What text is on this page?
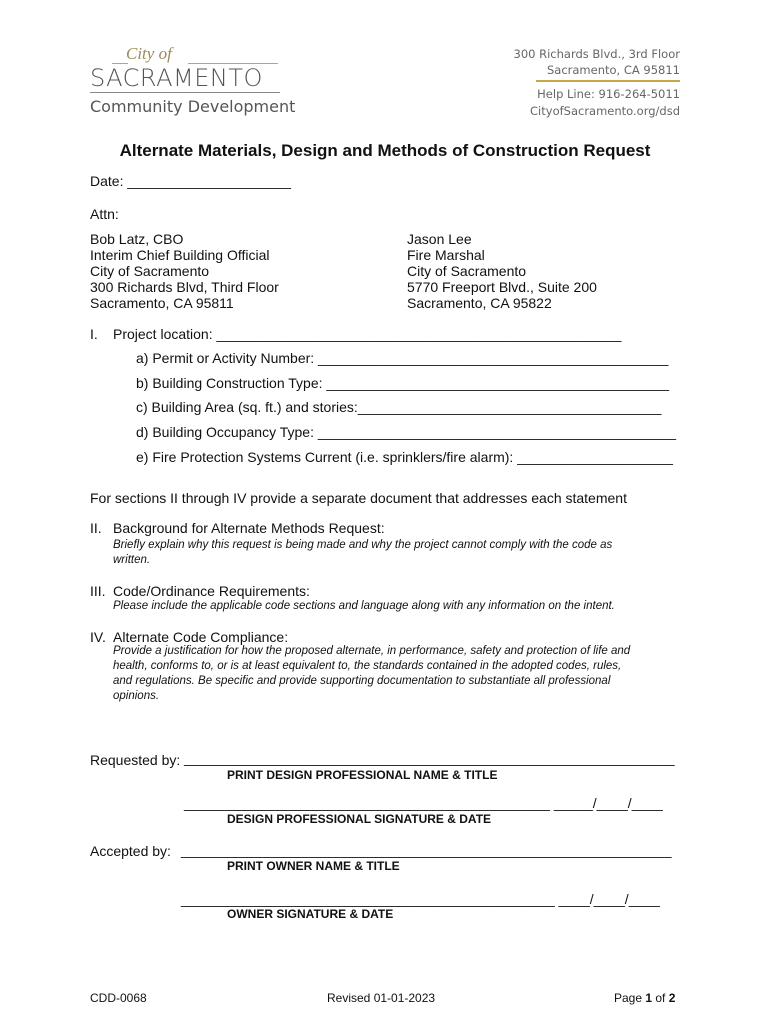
City of
SACRAMENTO
Community Development
300 Richards Blvd., 3rd Floor
Sacramento, CA 95811
Help Line: 916-264-5011
CityofSacramento.org/dsd
Alternate Materials, Design and Methods of Construction Request
Date: _____________________
Attn:
Bob Latz, CBO
Interim Chief Building Official
City of Sacramento
300 Richards Blvd, Third Floor
Sacramento, CA 95811
Jason Lee
Fire Marshal
City of Sacramento
5770 Freeport Blvd., Suite 200
Sacramento, CA 95822
I. Project location: ____________________________________________________
a) Permit or Activity Number: _____________________________________________
b) Building Construction Type: ____________________________________________
c) Building Area (sq. ft.) and stories:_______________________________________
d) Building Occupancy Type: ______________________________________________
e) Fire Protection Systems Current (i.e. sprinklers/fire alarm): ____________________
For sections II through IV provide a separate document that addresses each statement
II. Background for Alternate Methods Request:
Briefly explain why this request is being made and why the project cannot comply with the code as
written.
III. Code/Ordinance Requirements:
Please include the applicable code sections and language along with any information on the intent.
IV. Alternate Code Compliance:
Provide a justification for how the proposed alternate, in performance, safety and protection of life and
health, conforms to, or is at least equivalent to, the standards contained in the adopted codes, rules,
and regulations. Be specific and provide supporting documentation to substantiate all professional
opinions.
Requested by: _______________________________________________________________
PRINT DESIGN PROFESSIONAL NAME & TITLE
_______________________________________________ _____/____/____
DESIGN PROFESSIONAL SIGNATURE & DATE
Accepted by: _______________________________________________________________
PRINT OWNER NAME & TITLE
________________________________________________ ____/____/____
OWNER SIGNATURE & DATE
CDD-0068	Revised 01-01-2023	Page 1 of 2
